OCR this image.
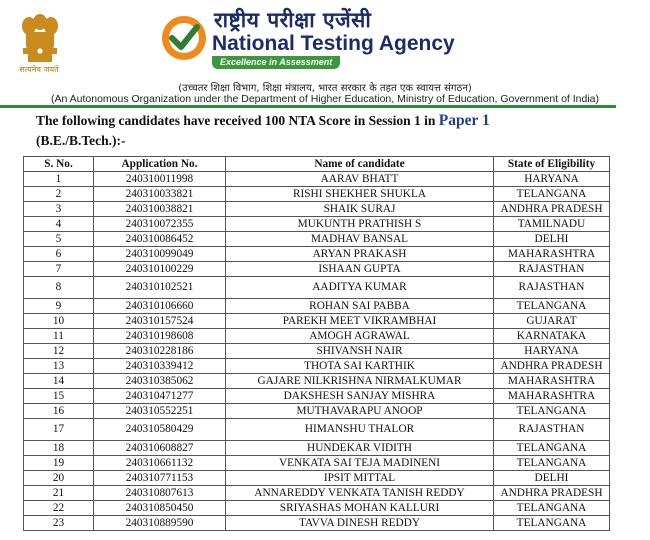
सत्यमेव जयते
राष्ट्रीय परीक्षा एजेंसी
National Testing Agency
Excellence in Assessment
(उच्चतर शिक्षा विभाग, शिक्षा मंत्रालय, भारत सरकार के तहत एक स्वायत्त संगठन)
(An Autonomous Organization under the Department of Higher Education, Ministry of Education, Government of India)
The following candidates have received 100 NTA Score in Session 1 in Paper 1
(B.E./B.Tech.):-
S. No.	Application No.	Name of candidate	State of Eligibility
1	240310011998	AARAV BHATT	HARYANA
2	240310033821	RISHI SHEKHER SHUKLA	TELANGANA
3	240310038821	SHAIK SURAJ	ANDHRA PRADESH
4	240310072355	MUKUNTH PRATHISH S	TAMILNADU
5	240310086452	MADHAV BANSAL	DELHI
6	240310099049	ARYAN PRAKASH	MAHARASHTRA
7	240310100229	ISHAAN GUPTA	RAJASTHAN
8	240310102521	AADITYA KUMAR	RAJASTHAN
9	240310106660	ROHAN SAI PABBA	TELANGANA
10	240310157524	PAREKH MEET VIKRAMBHAI	GUJARAT
11	240310198608	AMOGH AGRAWAL	KARNATAKA
12	240310228186	SHIVANSH NAIR	HARYANA
13	240310339412	THOTA SAI KARTHIK	ANDHRA PRADESH
14	240310385062	GAJARE NILKRISHNA NIRMALKUMAR	MAHARASHTRA
15	240310471277	DAKSHESH SANJAY MISHRA	MAHARASHTRA
16	240310552251	MUTHAVARAPU ANOOP	TELANGANA
17	240310580429	HIMANSHU THALOR	RAJASTHAN
18	240310608827	HUNDEKAR VIDITH	TELANGANA
19	240310661132	VENKATA SAI TEJA MADINENI	TELANGANA
20	240310771153	IPSIT MITTAL	DELHI
21	240310807613	ANNAREDDY VENKATA TANISH REDDY	ANDHRA PRADESH
22	240310850450	SRIYASHAS MOHAN KALLURI	TELANGANA
23	240310889590	TAVVA DINESH REDDY	TELANGANA
